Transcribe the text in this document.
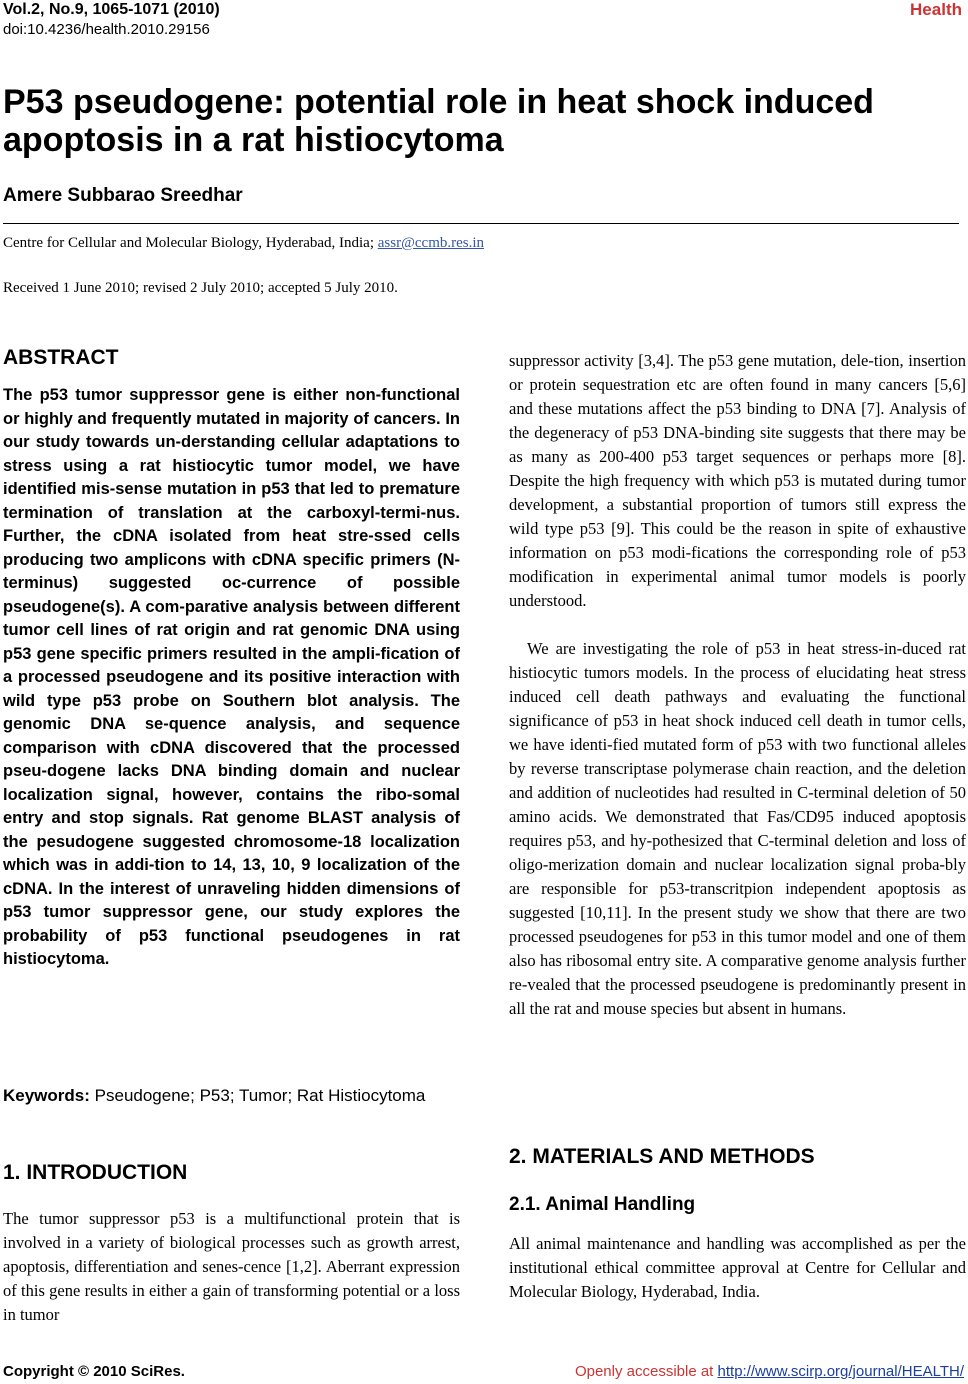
Vol.2, No.9, 1065-1071 (2010)
doi:10.4236/health.2010.29156
Health
P53 pseudogene: potential role in heat shock induced apoptosis in a rat histiocytoma
Amere Subbarao Sreedhar
Centre for Cellular and Molecular Biology, Hyderabad, India; assr@ccmb.res.in
Received 1 June 2010; revised 2 July 2010; accepted 5 July 2010.
ABSTRACT

The p53 tumor suppressor gene is either non-functional or highly and frequently mutated in majority of cancers. In our study towards un-derstanding cellular adaptations to stress using a rat histiocytic tumor model, we have identified mis-sense mutation in p53 that led to premature termination of translation at the carboxyl-termi-nus. Further, the cDNA isolated from heat stre-ssed cells producing two amplicons with cDNA specific primers (N-terminus) suggested oc-currence of possible pseudogene(s). A com-parative analysis between different tumor cell lines of rat origin and rat genomic DNA using p53 gene specific primers resulted in the ampli-fication of a processed pseudogene and its positive interaction with wild type p53 probe on Southern blot analysis. The genomic DNA se-quence analysis, and sequence comparison with cDNA discovered that the processed pseu-dogene lacks DNA binding domain and nuclear localization signal, however, contains the ribo-somal entry and stop signals. Rat genome BLAST analysis of the pesudogene suggested chromosome-18 localization which was in addi-tion to 14, 13, 10, 9 localization of the cDNA. In the interest of unraveling hidden dimensions of p53 tumor suppressor gene, our study explores the probability of p53 functional pseudogenes in rat histiocytoma.

Keywords: Pseudogene; P53; Tumor; Rat Histiocytoma
1. INTRODUCTION

The tumor suppressor p53 is a multifunctional protein that is involved in a variety of biological processes such as growth arrest, apoptosis, differentiation and senes-cence [1,2]. Aberrant expression of this gene results in either a gain of transforming potential or a loss in tumor

suppressor activity [3,4]. The p53 gene mutation, dele-tion, insertion or protein sequestration etc are often found in many cancers [5,6] and these mutations affect the p53 binding to DNA [7]. Analysis of the degeneracy of p53 DNA-binding site suggests that there may be as many as 200-400 p53 target sequences or perhaps more [8]. Despite the high frequency with which p53 is mutated during tumor development, a substantial proportion of tumors still express the wild type p53 [9]. This could be the reason in spite of exhaustive information on p53 modi-fications the corresponding role of p53 modification in experimental animal tumor models is poorly understood.

We are investigating the role of p53 in heat stress-in-duced rat histiocytic tumors models. In the process of elucidating heat stress induced cell death pathways and evaluating the functional significance of p53 in heat shock induced cell death in tumor cells, we have identi-fied mutated form of p53 with two functional alleles by reverse transcriptase polymerase chain reaction, and the deletion and addition of nucleotides had resulted in C-terminal deletion of 50 amino acids. We demonstrated that Fas/CD95 induced apoptosis requires p53, and hy-pothesized that C-terminal deletion and loss of oligo-merization domain and nuclear localization signal proba-bly are responsible for p53-transcritpion independent apoptosis as suggested [10,11]. In the present study we show that there are two processed pseudogenes for p53 in this tumor model and one of them also has ribosomal entry site. A comparative genome analysis further re-vealed that the processed pseudogene is predominantly present in all the rat and mouse species but absent in humans.

2. MATERIALS AND METHODS
2.1. Animal Handling

All animal maintenance and handling was accomplished as per the institutional ethical committee approval at Centre for Cellular and Molecular Biology, Hyderabad, India.

Copyright © 2010 SciRes.	Openly accessible at http://www.scirp.org/journal/HEALTH/
